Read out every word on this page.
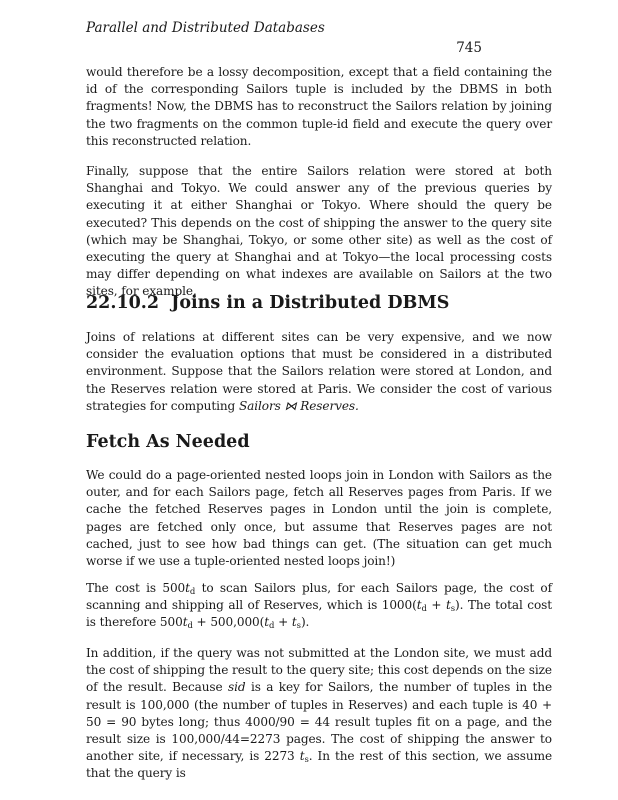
Parallel and Distributed Databases
745

would therefore be a lossy decomposition, except that a field containing the id of the corresponding Sailors tuple is included by the DBMS in both fragments! Now, the DBMS has to reconstruct the Sailors relation by joining the two fragments on the common tuple-id field and execute the query over this reconstructed relation.

Finally, suppose that the entire Sailors relation were stored at both Shanghai and Tokyo. We could answer any of the previous queries by executing it at either Shanghai or Tokyo. Where should the query be executed? This depends on the cost of shipping the answer to the query site (which may be Shanghai, Tokyo, or some other site) as well as the cost of executing the query at Shanghai and at Tokyo—the local processing costs may differ depending on what indexes are available on Sailors at the two sites, for example.

22.10.2 Joins in a Distributed DBMS

Joins of relations at different sites can be very expensive, and we now consider the evaluation options that must be considered in a distributed environment. Suppose that the Sailors relation were stored at London, and the Reserves relation were stored at Paris. We consider the cost of various strategies for computing Sailors ⋈ Reserves.

Fetch As Needed

We could do a page-oriented nested loops join in London with Sailors as the outer, and for each Sailors page, fetch all Reserves pages from Paris. If we cache the fetched Reserves pages in London until the join is complete, pages are fetched only once, but assume that Reserves pages are not cached, just to see how bad things can get. (The situation can get much worse if we use a tuple-oriented nested loops join!)

The cost is $500t_d$ to scan Sailors plus, for each Sailors page, the cost of scanning and shipping all of Reserves, which is $1000(t_d + t_s)$. The total cost is therefore $500t_d + 500,000(t_d + t_s)$.

In addition, if the query was not submitted at the London site, we must add the cost of shipping the result to the query site; this cost depends on the size of the result. Because sid is a key for Sailors, the number of tuples in the result is 100,000 (the number of tuples in Reserves) and each tuple is 40 + 50 = 90 bytes long; thus 4000/90 = 44 result tuples fit on a page, and the result size is 100,000/44=2273 pages. The cost of shipping the answer to another site, if necessary, is 2273 $t_s$. In the rest of this section, we assume that the query is
